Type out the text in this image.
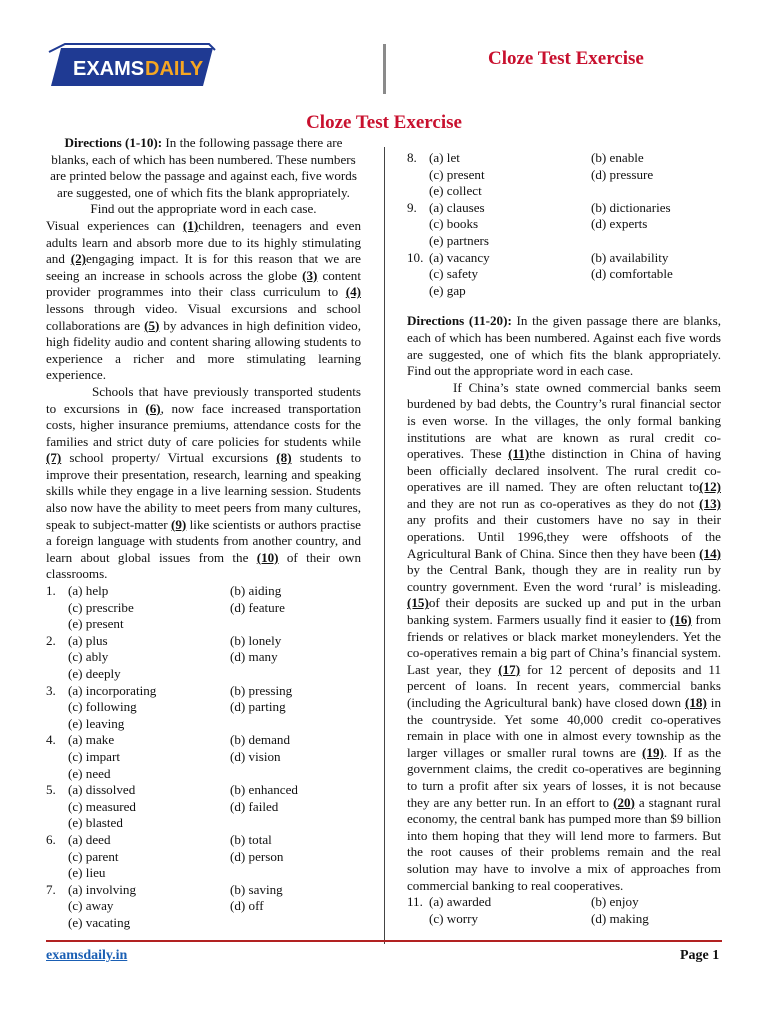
EXAMS DAILY	Cloze Test Exercise
Cloze Test Exercise

Directions (1-10): In the following passage there are blanks, each of which has been numbered. These numbers are printed below the passage and against each, five words are suggested, one of which fits the blank appropriately. Find out the appropriate word in each case.

Visual experiences can (1)children, teenagers and even adults learn and absorb more due to its highly stimulating and (2)engaging impact. It is for this reason that we are seeing an increase in schools across the globe (3) content provider programmes into their class curriculum to (4) lessons through video. Visual excursions and school collaborations are (5) by advances in high definition video, high fidelity audio and content sharing allowing students to experience a richer and more stimulating learning experience.

Schools that have previously transported students to excursions in (6), now face increased transportation costs, higher insurance premiums, attendance costs for the families and strict duty of care policies for students while (7) school property/ Virtual excursions (8) students to improve their presentation, research, learning and speaking skills while they engage in a live learning session. Students also now have the ability to meet peers from many cultures, speak to subject-matter (9) like scientists or authors practise a foreign language with students from another country, and learn about global issues from the (10) of their own classrooms.

1. (a) help	(b) aiding
(c) prescribe	(d) feature
(e) present
2. (a) plus	(b) lonely
(c) ably	(d) many
(e) deeply
3. (a) incorporating	(b) pressing
(c) following	(d) parting
(e) leaving
4. (a) make	(b) demand
(c) impart	(d) vision
(e) need
5. (a) dissolved	(b) enhanced
(c) measured	(d) failed
(e) blasted
6. (a) deed	(b) total
(c) parent	(d) person
(e) lieu
7. (a) involving	(b) saving
(c) away	(d) off
(e) vacating
8. (a) let	(b) enable
(c) present	(d) pressure
(e) collect
9. (a) clauses	(b) dictionaries
(c) books	(d) experts
(e) partners
10. (a) vacancy	(b) availability
(c) safety	(d) comfortable
(e) gap

Directions (11-20): In the given passage there are blanks, each of which has been numbered. Against each five words are suggested, one of which fits the blank appropriately. Find out the appropriate word in each case.

If China’s state owned commercial banks seem burdened by bad debts, the Country’s rural financial sector is even worse. In the villages, the only formal banking institutions are what are known as rural credit co-operatives. These (11)the distinction in China of having been officially declared insolvent. The rural credit co-operatives are ill named. They are often reluctant to(12) and they are not run as co-operatives as they do not (13) any profits and their customers have no say in their operations. Until 1996,they were offshoots of the Agricultural Bank of China. Since then they have been (14) by the Central Bank, though they are in reality run by country government. Even the word ‘rural’ is misleading. (15)of their deposits are sucked up and put in the urban banking system. Farmers usually find it easier to (16) from friends or relatives or black market moneylenders. Yet the co-operatives remain a big part of China’s financial system. Last year, they (17) for 12 percent of deposits and 11 percent of loans. In recent years, commercial banks (including the Agricultural bank) have closed down (18) in the countryside. Yet some 40,000 credit co-operatives remain in place with one in almost every township as the larger villages or smaller rural towns are (19). If as the government claims, the credit co-operatives are beginning to turn a profit after six years of losses, it is not because they are any better run. In an effort to (20) a stagnant rural economy, the central bank has pumped more than $9 billion into them hoping that they will lend more to farmers. But the root causes of their problems remain and the real solution may have to involve a mix of approaches from commercial banking to real cooperatives.

11. (a) awarded	(b) enjoy
(c) worry	(d) making
examsdaily.in	Page 1
